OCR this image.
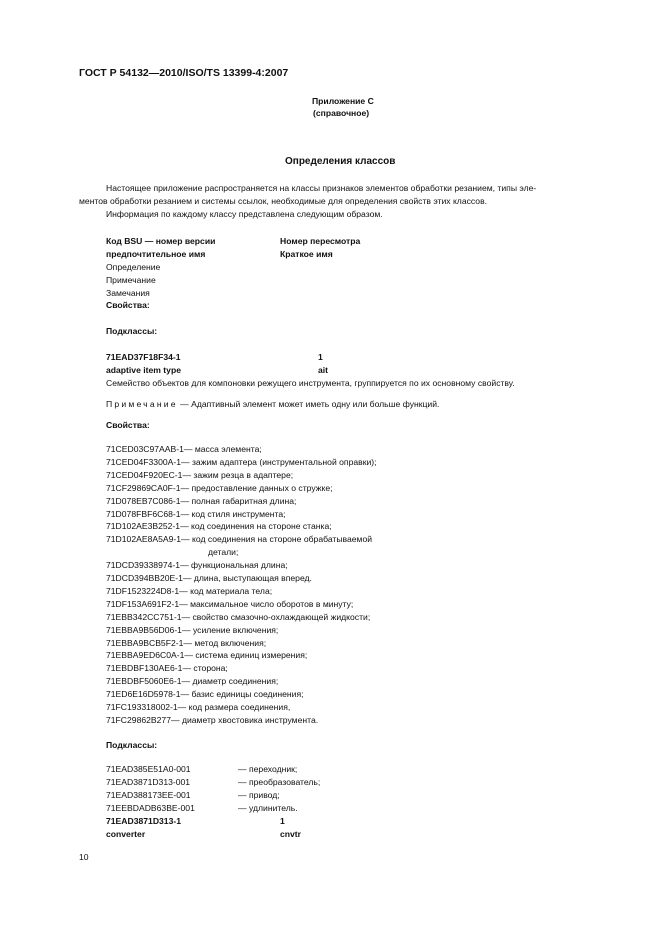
ГОСТ Р 54132—2010/ISO/TS 13399-4:2007
Приложение С
(справочное)
Определения классов
Настоящее приложение распространяется на классы признаков элементов обработки резанием, типы эле-
ментов обработки резанием и системы ссылок, необходимые для определения свойств этих классов.
Информация по каждому классу представлена следующим образом.
Код BSU — номер версии	Номер пересмотра
предпочтительное имя	Краткое имя
Определение
Примечание
Замечания
Свойства:
Подклассы:
71EAD37F18F34-1	1
adaptive item type	ait
Семейство объектов для компоновки режущего инструмента, группируется по их основному свойству.
Примечание — Адаптивный элемент может иметь одну или больше функций.
Свойства:
71CED03C97AAB-1— масса элемента;
71CED04F3300A-1— зажим адаптера (инструментальной оправки);
71CED04F920EC-1— зажим резца в адаптере;
71CF29869CA0F-1— предоставление данных о стружке;
71D078EB7C086-1— полная габаритная длина;
71D078FBF6C68-1— код стиля инструмента;
71D102AE3B252-1— код соединения на стороне станка;
71D102AE8A5A9-1— код соединения на стороне обрабатываемой
детали;
71DCD39338974-1— функциональная длина;
71DCD394BB20E-1— длина, выступающая вперед.
71DF1523224D8-1— код материала тела;
71DF153A691F2-1— максимальное число оборотов в минуту;
71EBB342CC751-1— свойство смазочно-охлаждающей жидкости;
71EBBA9B56D06-1— усиление включения;
71EBBA9BCB5F2-1— метод включения;
71EBBA9ED6C0A-1— система единиц измерения;
71EBDBF130AE6-1— сторона;
71EBDBF5060E6-1— диаметр соединения;
71ED6E16D5978-1— базис единицы соединения;
71FC193318002-1— код размера соединения,
71FC29862B277— диаметр хвостовика инструмента.
Подклассы:
71EAD385E51A0-001	— переходник;
71EAD3871D313-001	— преобразователь;
71EAD388173EE-001	— привод;
71EEBDADB63BE-001	— удлинитель.
71EAD3871D313-1	1
converter	cnvtr
10
